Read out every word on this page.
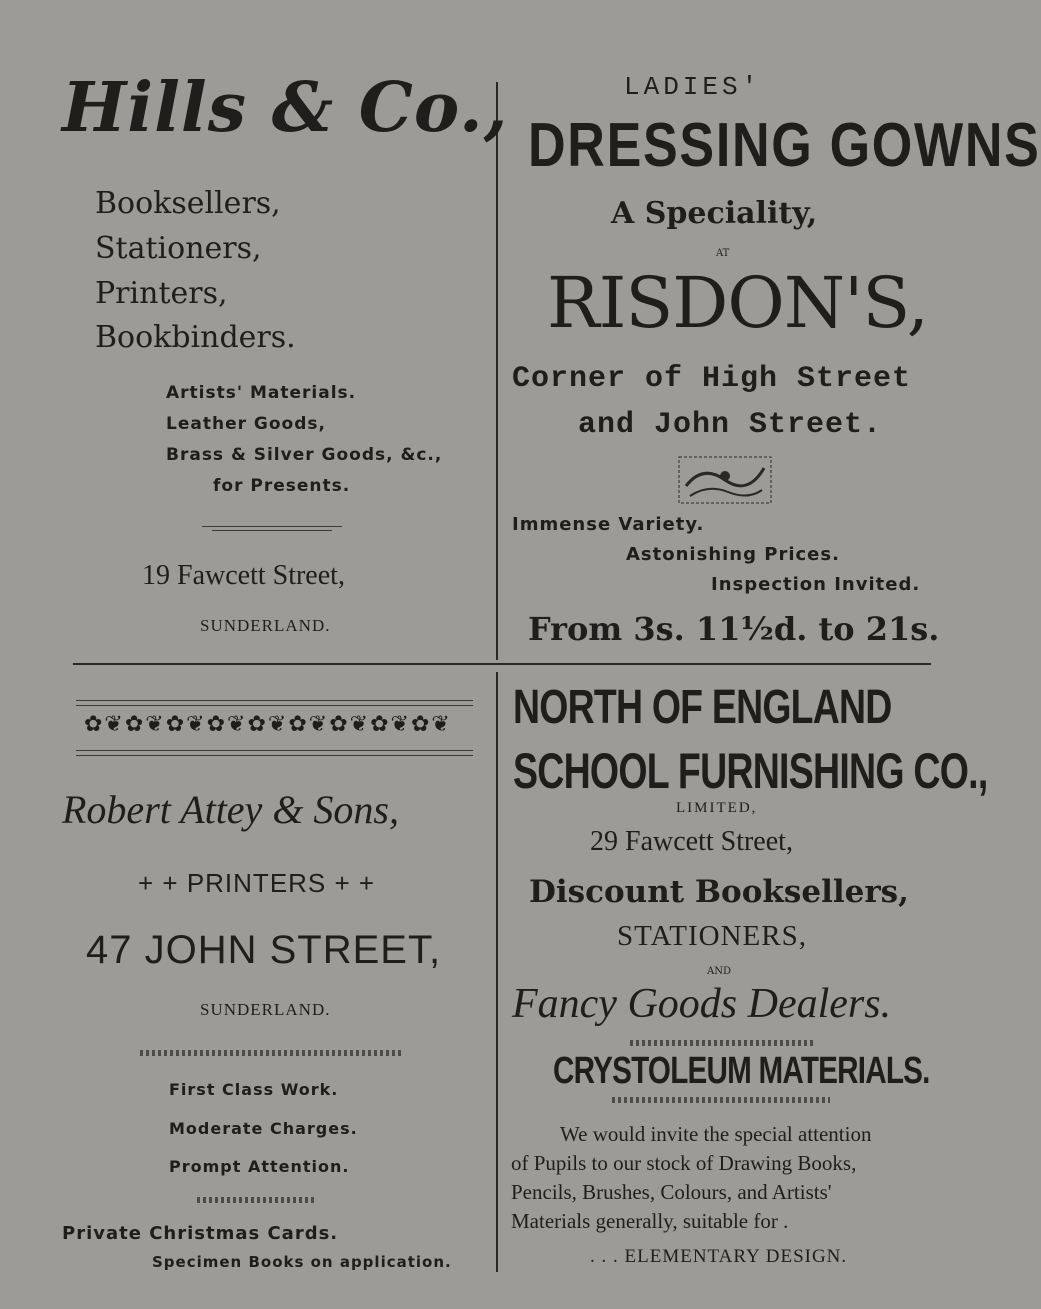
Hills & Co.,
Booksellers,
Stationers,
Printers,
Bookbinders.
Artists' Materials.
Leather Goods,
Brass & Silver Goods, &c.,
for Presents.
19 Fawcett Street,
SUNDERLAND.
LADIES'
DRESSING GOWNS
A Speciality,
AT
RISDON'S,
Corner of High Street
and John Street.
Immense Variety.
Astonishing Prices.
Inspection Invited.
From 3s. 11½d. to 21s.
✿❦✿❦✿❦✿❦✿❦✿❦✿❦✿❦✿❦
Robert Attey & Sons,
+ + PRINTERS + +
47 JOHN STREET,
SUNDERLAND.
First Class Work.
Moderate Charges.
Prompt Attention.
Private Christmas Cards.
Specimen Books on application.
NORTH OF ENGLAND
SCHOOL FURNISHING CO.,
LIMITED,
29 Fawcett Street,
Discount Booksellers,
STATIONERS,
AND
Fancy Goods Dealers.
CRYSTOLEUM MATERIALS.
We would invite the special attention
of Pupils to our stock of Drawing Books,
Pencils, Brushes, Colours, and Artists'
Materials generally, suitable for .
. . . ELEMENTARY DESIGN.
